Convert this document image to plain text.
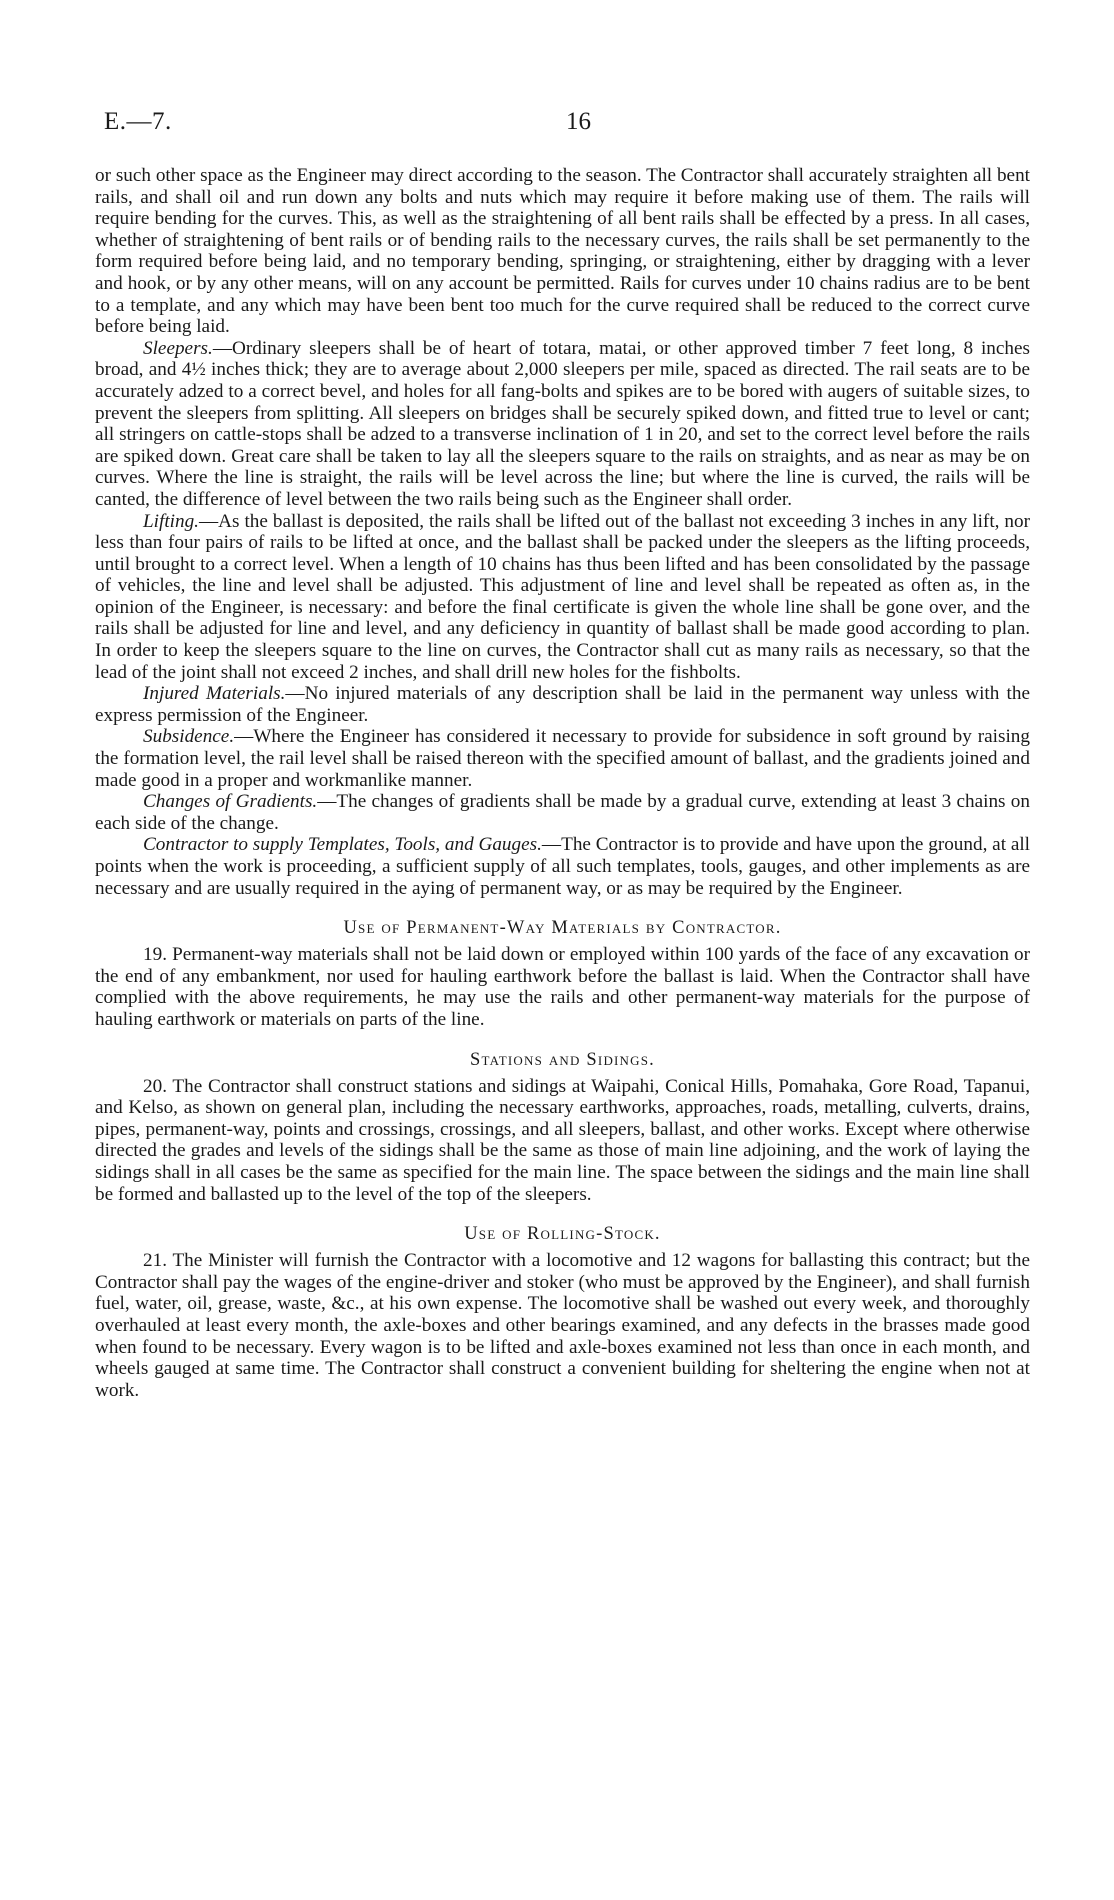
E.—7.	16

or such other space as the Engineer may direct according to the season. The Contractor shall accurately straighten all bent rails, and shall oil and run down any bolts and nuts which may require it before making use of them. The rails will require bending for the curves. This, as well as the straightening of all bent rails shall be effected by a press. In all cases, whether of straightening of bent rails or of bending rails to the necessary curves, the rails shall be set permanently to the form required before being laid, and no temporary bending, springing, or straightening, either by dragging with a lever and hook, or by any other means, will on any account be permitted. Rails for curves under 10 chains radius are to be bent to a template, and any which may have been bent too much for the curve required shall be reduced to the correct curve before being laid.

Sleepers.—Ordinary sleepers shall be of heart of totara, matai, or other approved timber 7 feet long, 8 inches broad, and 4½ inches thick; they are to average about 2,000 sleepers per mile, spaced as directed. The rail seats are to be accurately adzed to a correct bevel, and holes for all fang-bolts and spikes are to be bored with augers of suitable sizes, to prevent the sleepers from splitting. All sleepers on bridges shall be securely spiked down, and fitted true to level or cant; all stringers on cattle-stops shall be adzed to a transverse inclination of 1 in 20, and set to the correct level before the rails are spiked down. Great care shall be taken to lay all the sleepers square to the rails on straights, and as near as may be on curves. Where the line is straight, the rails will be level across the line; but where the line is curved, the rails will be canted, the difference of level between the two rails being such as the Engineer shall order.

Lifting.—As the ballast is deposited, the rails shall be lifted out of the ballast not exceeding 3 inches in any lift, nor less than four pairs of rails to be lifted at once, and the ballast shall be packed under the sleepers as the lifting proceeds, until brought to a correct level. When a length of 10 chains has thus been lifted and has been consolidated by the passage of vehicles, the line and level shall be adjusted. This adjustment of line and level shall be repeated as often as, in the opinion of the Engineer, is necessary: and before the final certificate is given the whole line shall be gone over, and the rails shall be adjusted for line and level, and any deficiency in quantity of ballast shall be made good according to plan. In order to keep the sleepers square to the line on curves, the Contractor shall cut as many rails as necessary, so that the lead of the joint shall not exceed 2 inches, and shall drill new holes for the fishbolts.

Injured Materials.—No injured materials of any description shall be laid in the permanent way unless with the express permission of the Engineer.

Subsidence.—Where the Engineer has considered it necessary to provide for subsidence in soft ground by raising the formation level, the rail level shall be raised thereon with the specified amount of ballast, and the gradients joined and made good in a proper and workmanlike manner.

Changes of Gradients.—The changes of gradients shall be made by a gradual curve, extending at least 3 chains on each side of the change.

Contractor to supply Templates, Tools, and Gauges.—The Contractor is to provide and have upon the ground, at all points when the work is proceeding, a sufficient supply of all such templates, tools, gauges, and other implements as are necessary and are usually required in the aying of permanent way, or as may be required by the Engineer.

Use of Permanent-Way Materials by Contractor.

19. Permanent-way materials shall not be laid down or employed within 100 yards of the face of any excavation or the end of any embankment, nor used for hauling earthwork before the ballast is laid. When the Contractor shall have complied with the above requirements, he may use the rails and other permanent-way materials for the purpose of hauling earthwork or materials on parts of the line.

Stations and Sidings.

20. The Contractor shall construct stations and sidings at Waipahi, Conical Hills, Pomahaka, Gore Road, Tapanui, and Kelso, as shown on general plan, including the necessary earthworks, approaches, roads, metalling, culverts, drains, pipes, permanent-way, points and crossings, crossings, and all sleepers, ballast, and other works. Except where otherwise directed the grades and levels of the sidings shall be the same as those of main line adjoining, and the work of laying the sidings shall in all cases be the same as specified for the main line. The space between the sidings and the main line shall be formed and ballasted up to the level of the top of the sleepers.

Use of Rolling-Stock.

21. The Minister will furnish the Contractor with a locomotive and 12 wagons for ballasting this contract; but the Contractor shall pay the wages of the engine-driver and stoker (who must be approved by the Engineer), and shall furnish fuel, water, oil, grease, waste, &c., at his own expense. The locomotive shall be washed out every week, and thoroughly overhauled at least every month, the axle-boxes and other bearings examined, and any defects in the brasses made good when found to be necessary. Every wagon is to be lifted and axle-boxes examined not less than once in each month, and wheels gauged at same time. The Contractor shall construct a convenient building for sheltering the engine when not at work.
